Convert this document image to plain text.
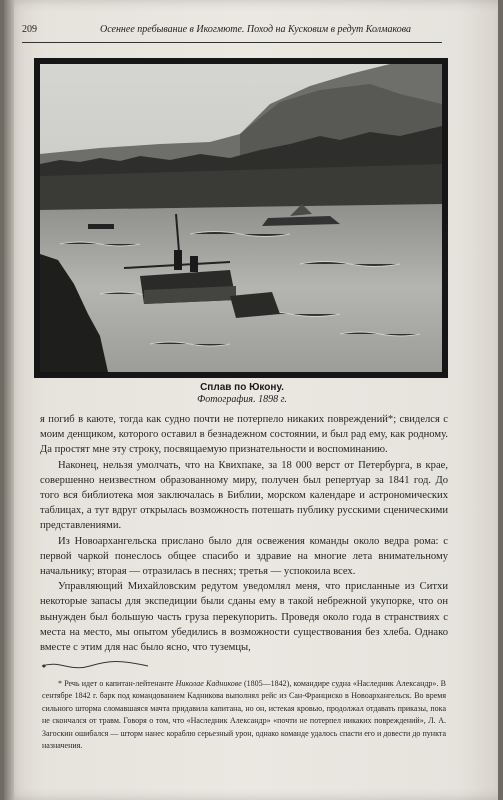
209	Осеннее пребывание в Икогмюте. Поход на Кусковим в редут Колмакова
Сплав по Юкону.
Фотография. 1898 г.

я погиб в каюте, тогда как судно почти не потерпело никаких повреждений*; свиделся с моим денщиком, которого оставил в безнадежном состоянии, и был рад ему, как родному. Да простят мне эту строку, посвящаемую признательности и воспоминанию.

Наконец, нельзя умолчать, что на Квихпаке, за 18 000 верст от Петербурга, в крае, совершенно неизвестном образованному миру, получен был репертуар за 1841 год. До того вся библиотека моя заключалась в Библии, морском календаре и астрономических таблицах, а тут вдруг открылась возможность потешать публику русскими сценическими представлениями.

Из Новоархангельска прислано было для освежения команды около ведра рома: с первой чаркой понеслось общее спасибо и здравие на многие лета внимательному начальнику; вторая — отразилась в песнях; третья — успокоила всех.

Управляющий Михайловским редутом уведомлял меня, что присланные из Ситхи некоторые запасы для экспедиции были сданы ему в такой небрежной укупорке, что он вынужден был большую часть груза перекупорить. Проведя около года в странствиях с места на место, мы опытом убедились в возможности существования без хлеба. Однако вместе с этим для нас было ясно, что туземцы,

* Речь идет о капитан-лейтенанте Николае Кадникове (1805—1842), командире судна «Наследник Александр». В сентябре 1842 г. барк под командованием Кадникова выполнял рейс из Сан-Франциско в Новоархангельск. Во время сильного шторма сломавшаяся мачта придавила капитана, но он, истекая кровью, продолжал отдавать приказы, пока не скончался от травм. Говоря о том, что «Наследник Александр» «почти не потерпел никаких повреждений», Л. А. Загоскин ошибался — шторм нанес кораблю серьезный урон, однако команде удалось спасти его и довести до пункта назначения.
